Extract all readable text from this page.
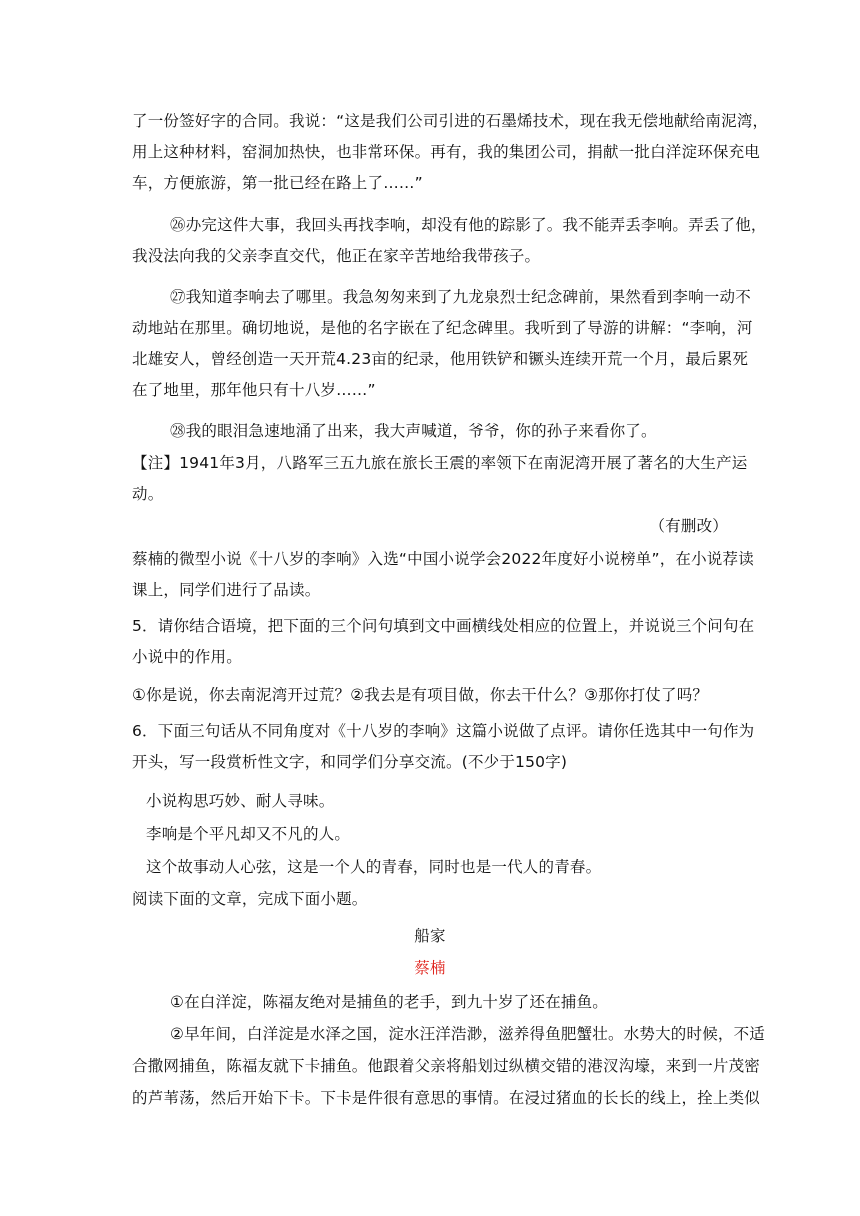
了一份签好字的合同。我说：“这是我们公司引进的石墨烯技术，现在我无偿地献给南泥湾，
用上这种材料，窑洞加热快，也非常环保。再有，我的集团公司，捐献一批白洋淀环保充电
车，方便旅游，第一批已经在路上了……”
㉖办完这件大事，我回头再找李响，却没有他的踪影了。我不能弄丢李响。弄丢了他，
我没法向我的父亲李直交代，他正在家辛苦地给我带孩子。
㉗我知道李响去了哪里。我急匆匆来到了九龙泉烈士纪念碑前，果然看到李响一动不
动地站在那里。确切地说，是他的名字嵌在了纪念碑里。我听到了导游的讲解：“李响，河
北雄安人，曾经创造一天开荒4.23亩的纪录，他用铁铲和镢头连续开荒一个月，最后累死
在了地里，那年他只有十八岁……”
㉘我的眼泪急速地涌了出来，我大声喊道，爷爷，你的孙子来看你了。
【注】1941年3月，八路军三五九旅在旅长王震的率领下在南泥湾开展了著名的大生产运
动。
（有删改）
蔡楠的微型小说《十八岁的李响》入选“中国小说学会2022年度好小说榜单”，在小说荐读
课上，同学们进行了品读。
5．请你结合语境，把下面的三个问句填到文中画横线处相应的位置上，并说说三个问句在
小说中的作用。
①你是说，你去南泥湾开过荒？②我去是有项目做，你去干什么？③那你打仗了吗？
6．下面三句话从不同角度对《十八岁的李响》这篇小说做了点评。请你任选其中一句作为
开头，写一段赏析性文字，和同学们分享交流。(不少于150字)
小说构思巧妙、耐人寻味。
李响是个平凡却又不凡的人。
这个故事动人心弦，这是一个人的青春，同时也是一代人的青春。
阅读下面的文章，完成下面小题。
船家
蔡楠
①在白洋淀，陈福友绝对是捕鱼的老手，到九十岁了还在捕鱼。
②早年间，白洋淀是水泽之国，淀水汪洋浩渺，滋养得鱼肥蟹壮。水势大的时候，不适
合撒网捕鱼，陈福友就下卡捕鱼。他跟着父亲将船划过纵横交错的港汊沟壕，来到一片茂密
的芦苇荡，然后开始下卡。下卡是件很有意思的事情。在浸过猪血的长长的线上，拴上类似
